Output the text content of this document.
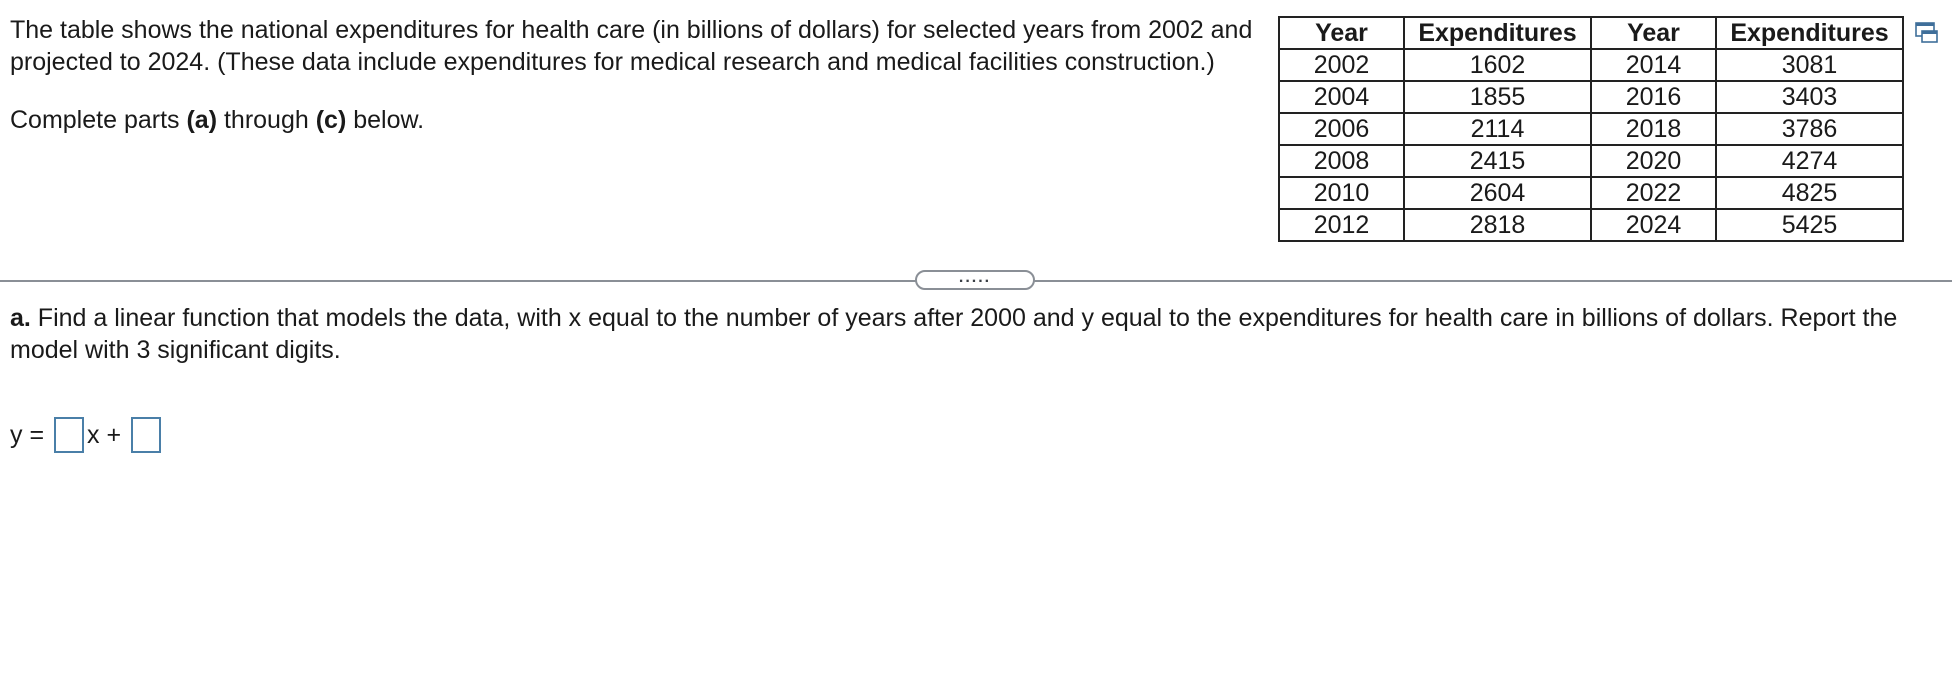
The table shows the national expenditures for health care (in billions of dollars) for selected years from 2002 and projected to 2024. (These data include expenditures for medical research and medical facilities construction.)

Complete parts (a) through (c) below.

Year	Expenditures	Year	Expenditures
2002	1602	2014	3081
2004	1855	2016	3403
2006	2114	2018	3786
2008	2415	2020	4274
2010	2604	2022	4825
2012	2818	2024	5425
.....
a. Find a linear function that models the data, with x equal to the number of years after 2000 and y equal to the expenditures for health care in billions of dollars. Report the model with 3 significant digits.
y = x +
